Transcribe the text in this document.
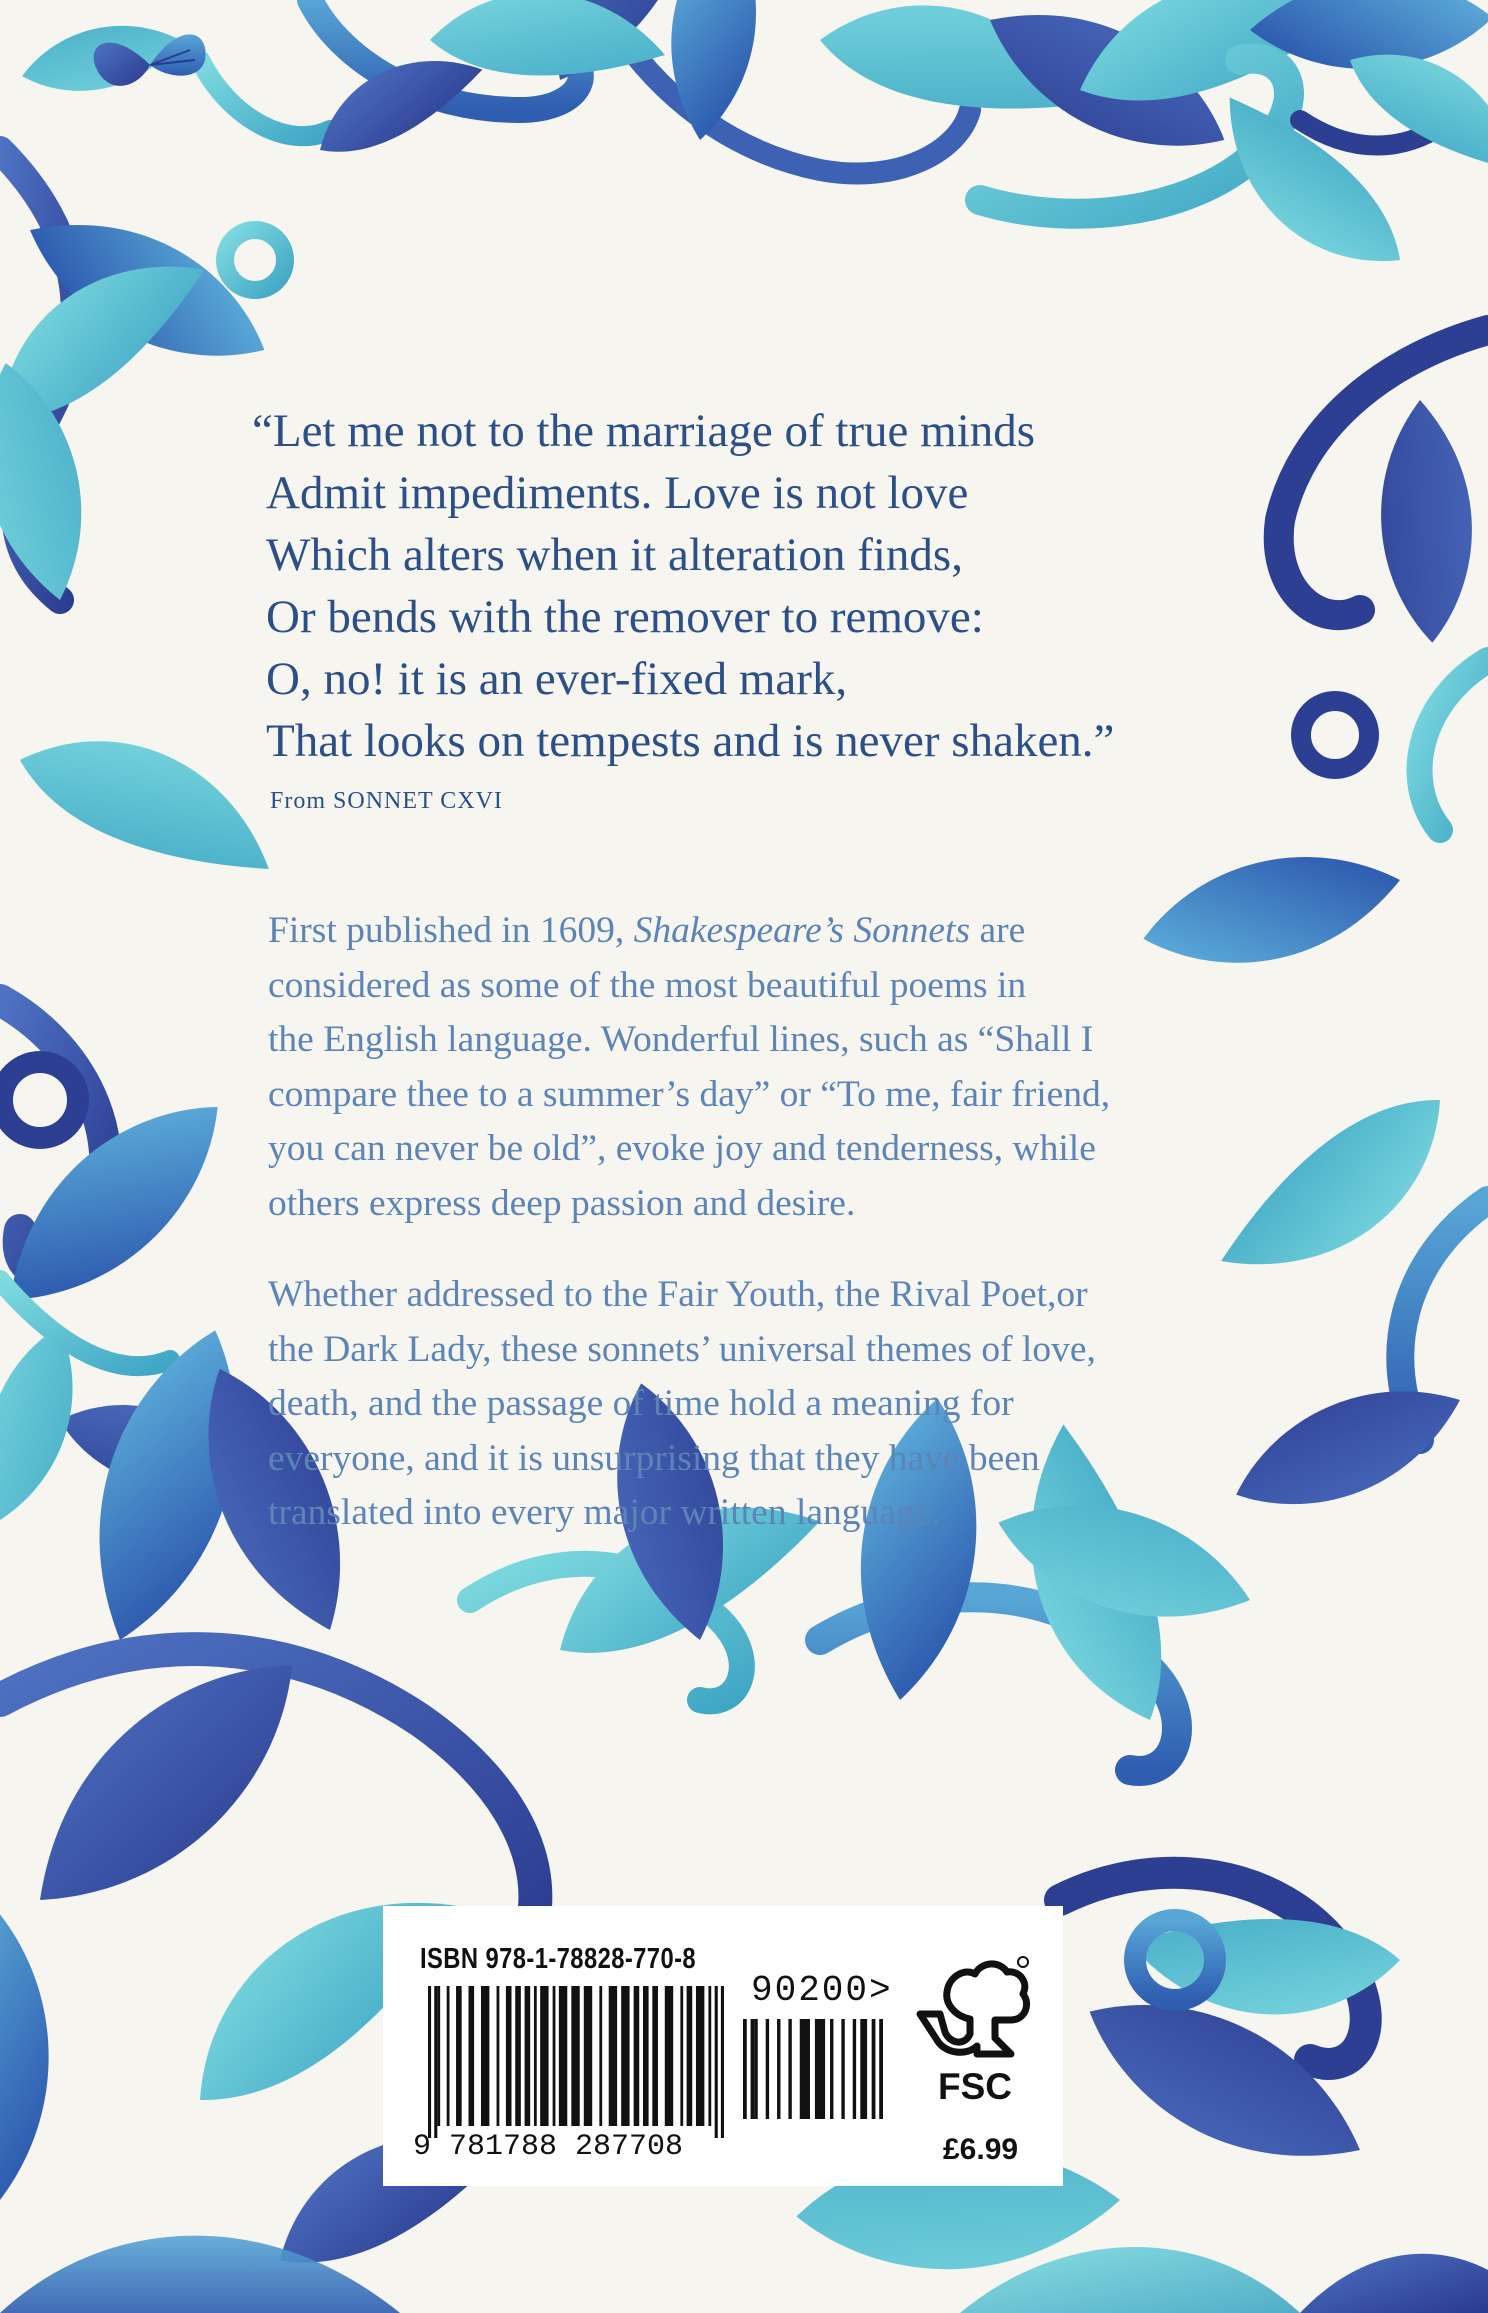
“Let me not to the marriage of true minds
Admit impediments. Love is not love
Which alters when it alteration finds,
Or bends with the remover to remove:
O, no! it is an ever-fixed mark,
That looks on tempests and is never shaken.”
From SONNET CXVI
First published in 1609, Shakespeare’s Sonnets are
considered as some of the most beautiful poems in
the English language. Wonderful lines, such as “Shall I
compare thee to a summer’s day” or “To me, fair friend,
you can never be old”, evoke joy and tenderness, while
others express deep passion and desire.
Whether addressed to the Fair Youth, the Rival Poet,or
the Dark Lady, these sonnets’ universal themes of love,
death, and the passage of time hold a meaning for
everyone, and it is unsurprising that they have been
translated into every major written language.
ISBN 978-1-78828-770-8
90200>
9 781788 287708
FSC
£6.99
